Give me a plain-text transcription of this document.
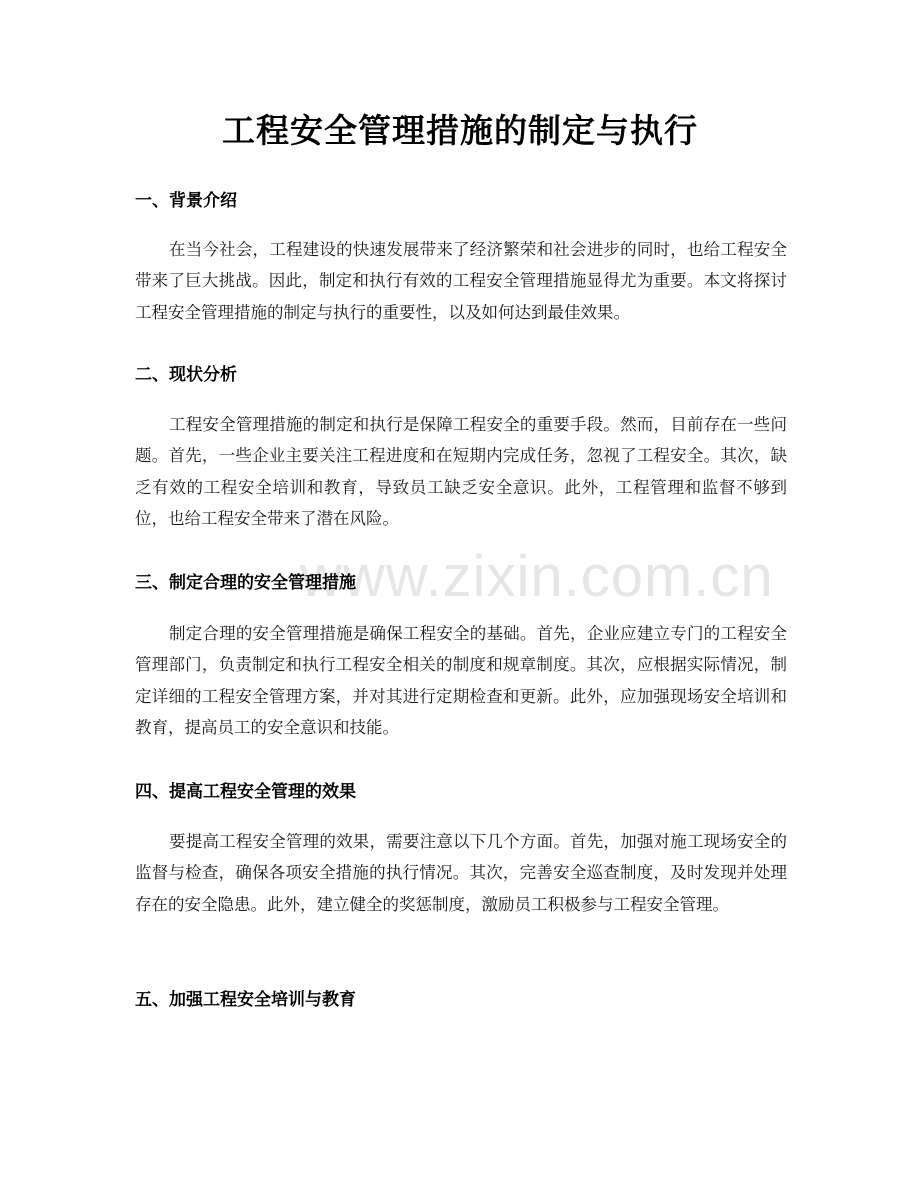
www.zixin.com.cn
工程安全管理措施的制定与执行
一、背景介绍
在当今社会，工程建设的快速发展带来了经济繁荣和社会进步的同时，也给工程安全带来了巨大挑战。因此，制定和执行有效的工程安全管理措施显得尤为重要。本文将探讨工程安全管理措施的制定与执行的重要性，以及如何达到最佳效果。
二、现状分析
工程安全管理措施的制定和执行是保障工程安全的重要手段。然而，目前存在一些问题。首先，一些企业主要关注工程进度和在短期内完成任务，忽视了工程安全。其次，缺乏有效的工程安全培训和教育，导致员工缺乏安全意识。此外，工程管理和监督不够到位，也给工程安全带来了潜在风险。
三、制定合理的安全管理措施
制定合理的安全管理措施是确保工程安全的基础。首先，企业应建立专门的工程安全管理部门，负责制定和执行工程安全相关的制度和规章制度。其次，应根据实际情况，制定详细的工程安全管理方案，并对其进行定期检查和更新。此外，应加强现场安全培训和教育，提高员工的安全意识和技能。
四、提高工程安全管理的效果
要提高工程安全管理的效果，需要注意以下几个方面。首先，加强对施工现场安全的监督与检查，确保各项安全措施的执行情况。其次，完善安全巡查制度，及时发现并处理存在的安全隐患。此外，建立健全的奖惩制度，激励员工积极参与工程安全管理。
五、加强工程安全培训与教育
